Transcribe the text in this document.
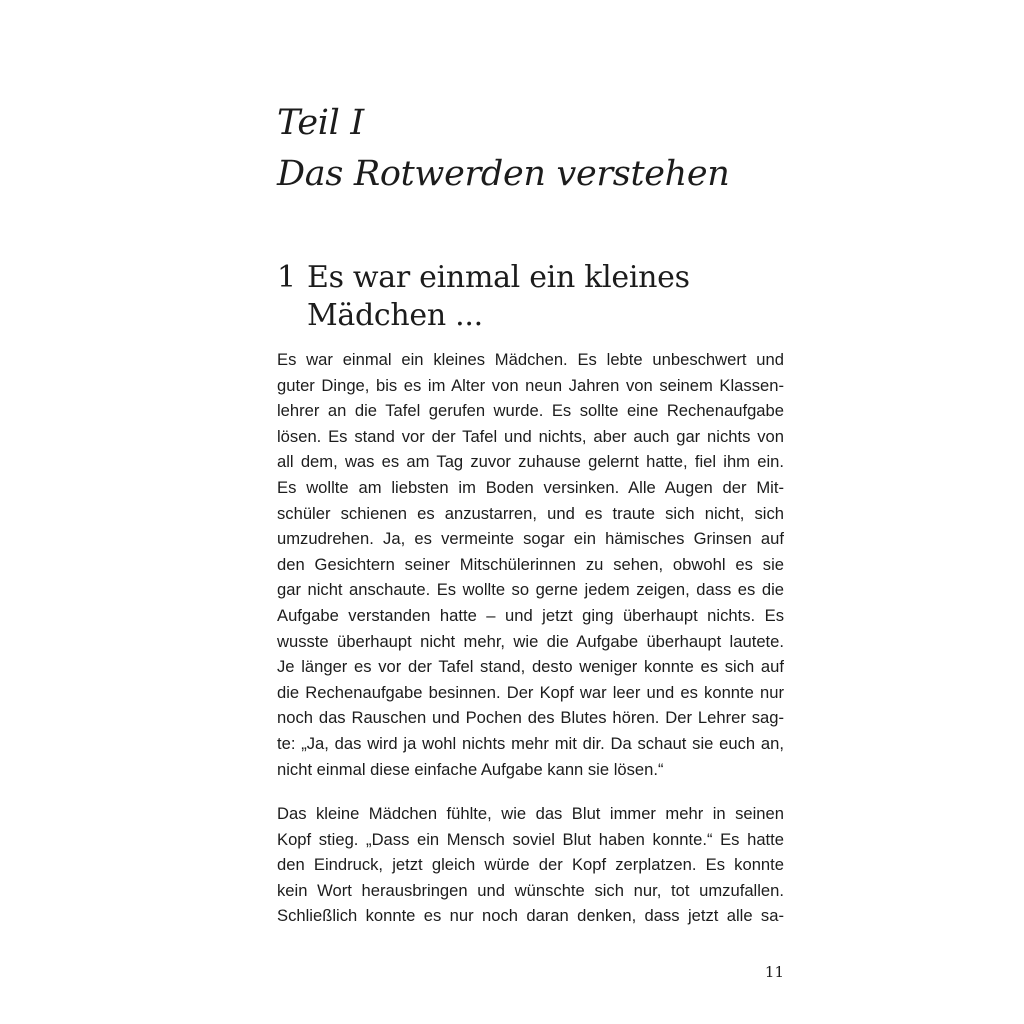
Teil I
Das Rotwerden verstehen
1 Es war einmal ein kleines
Mädchen ...
Es war einmal ein kleines Mädchen. Es lebte unbeschwert und
guter Dinge, bis es im Alter von neun Jahren von seinem Klassen-
lehrer an die Tafel gerufen wurde. Es sollte eine Rechenaufgabe
lösen. Es stand vor der Tafel und nichts, aber auch gar nichts von
all dem, was es am Tag zuvor zuhause gelernt hatte, fiel ihm ein.
Es wollte am liebsten im Boden versinken. Alle Augen der Mit-
schüler schienen es anzustarren, und es traute sich nicht, sich
umzudrehen. Ja, es vermeinte sogar ein hämisches Grinsen auf
den Gesichtern seiner Mitschülerinnen zu sehen, obwohl es sie
gar nicht anschaute. Es wollte so gerne jedem zeigen, dass es die
Aufgabe verstanden hatte – und jetzt ging überhaupt nichts. Es
wusste überhaupt nicht mehr, wie die Aufgabe überhaupt lautete.
Je länger es vor der Tafel stand, desto weniger konnte es sich auf
die Rechenaufgabe besinnen. Der Kopf war leer und es konnte nur
noch das Rauschen und Pochen des Blutes hören. Der Lehrer sag-
te: „Ja, das wird ja wohl nichts mehr mit dir. Da schaut sie euch an,
nicht einmal diese einfache Aufgabe kann sie lösen.“
Das kleine Mädchen fühlte, wie das Blut immer mehr in seinen
Kopf stieg. „Dass ein Mensch soviel Blut haben konnte.“ Es hatte
den Eindruck, jetzt gleich würde der Kopf zerplatzen. Es konnte
kein Wort herausbringen und wünschte sich nur, tot umzufallen.
Schließlich konnte es nur noch daran denken, dass jetzt alle sa-
11
